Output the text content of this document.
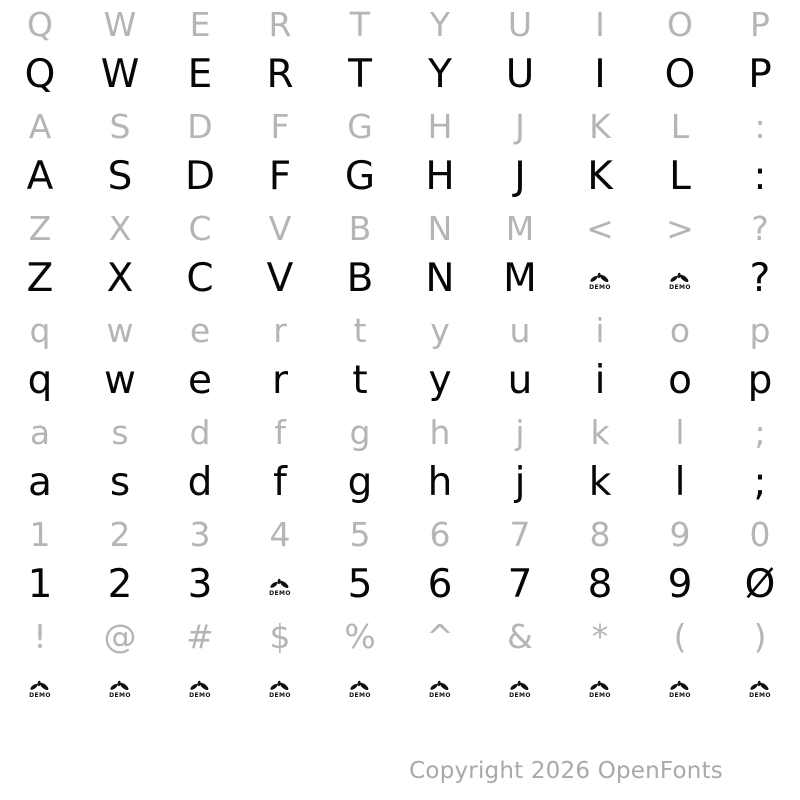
Q	W	E	R	T	Y	U	I	O	P
Q	W	E	R	T	Y	U	I	O	P
A	S	D	F	G	H	J	K	L	:
A	S	D	F	G	H	J	K	L	:
Z	X	C	V	B	N	M	<	>	?
Z	X	C	V	B	N	M	DEMO	DEMO	?
q	w	e	r	t	y	u	i	o	p
q	w	e	r	t	y	u	i	o	p
a	s	d	f	g	h	j	k	l	;
a	s	d	f	g	h	j	k	l	;
1	2	3	4	5	6	7	8	9	0
1	2	3	DEMO	5	6	7	8	9	Ø
!	@	#	$	%	^	&	*	(	)
DEMO	DEMO	DEMO	DEMO	DEMO	DEMO	DEMO	DEMO	DEMO	DEMO
Copyright 2026 OpenFonts
